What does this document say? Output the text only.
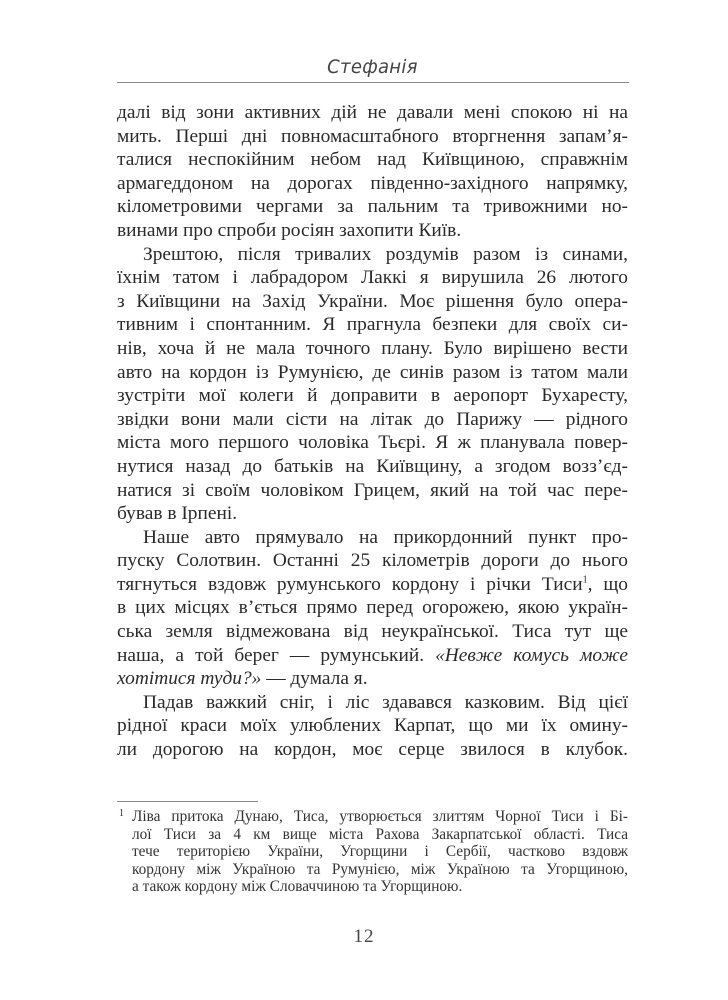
Стефанія
далі від зони активних дій не давали мені спокою ні на
мить. Перші дні повномасштабного вторгнення запам’я-
талися неспокійним небом над Київщиною, справжнім
армагеддоном на дорогах південно-західного напрямку,
кілометровими чергами за пальним та тривожними но-
винами про спроби росіян захопити Київ.
Зрештою, після тривалих роздумів разом із синами,
їхнім татом і лабрадором Лаккі я вирушила 26 лютого
з Київщини на Захід України. Моє рішення було опера-
тивним і спонтанним. Я прагнула безпеки для своїх си-
нів, хоча й не мала точного плану. Було вирішено вести
авто на кордон із Румунією, де синів разом із татом мали
зустріти мої колеги й доправити в аеропорт Бухаресту,
звідки вони мали сісти на літак до Парижу — рідного
міста мого першого чоловіка Тьєрі. Я ж планувала повер-
нутися назад до батьків на Київщину, а згодом возз’єд-
натися зі своїм чоловіком Грицем, який на той час пере-
бував в Ірпені.
Наше авто прямувало на прикордонний пункт про-
пуску Солотвин. Останні 25 кілометрів дороги до нього
тягнуться вздовж румунського кордону і річки Тиси$^1$, що
в цих місцях в’ється прямо перед огорожею, якою україн-
ська земля відмежована від неукраїнської. Тиса тут ще
наша, а той берег — румунський. «Невже комусь може
хотітися туди?» — думала я.
Падав важкий сніг, і ліс здавався казковим. Від цієї
рідної краси моїх улюблених Карпат, що ми їх омину-
ли дорогою на кордон, моє серце звилося в клубок.
1 Ліва притока Дунаю, Тиса, утворюється злиттям Чорної Тиси і Бі-
лої Тиси за 4 км вище міста Рахова Закарпатської області. Тиса
тече територією України, Угорщини і Сербії, частково вздовж
кордону між Україною та Румунією, між Україною та Угорщиною,
а також кордону між Словаччиною та Угорщиною.
12
